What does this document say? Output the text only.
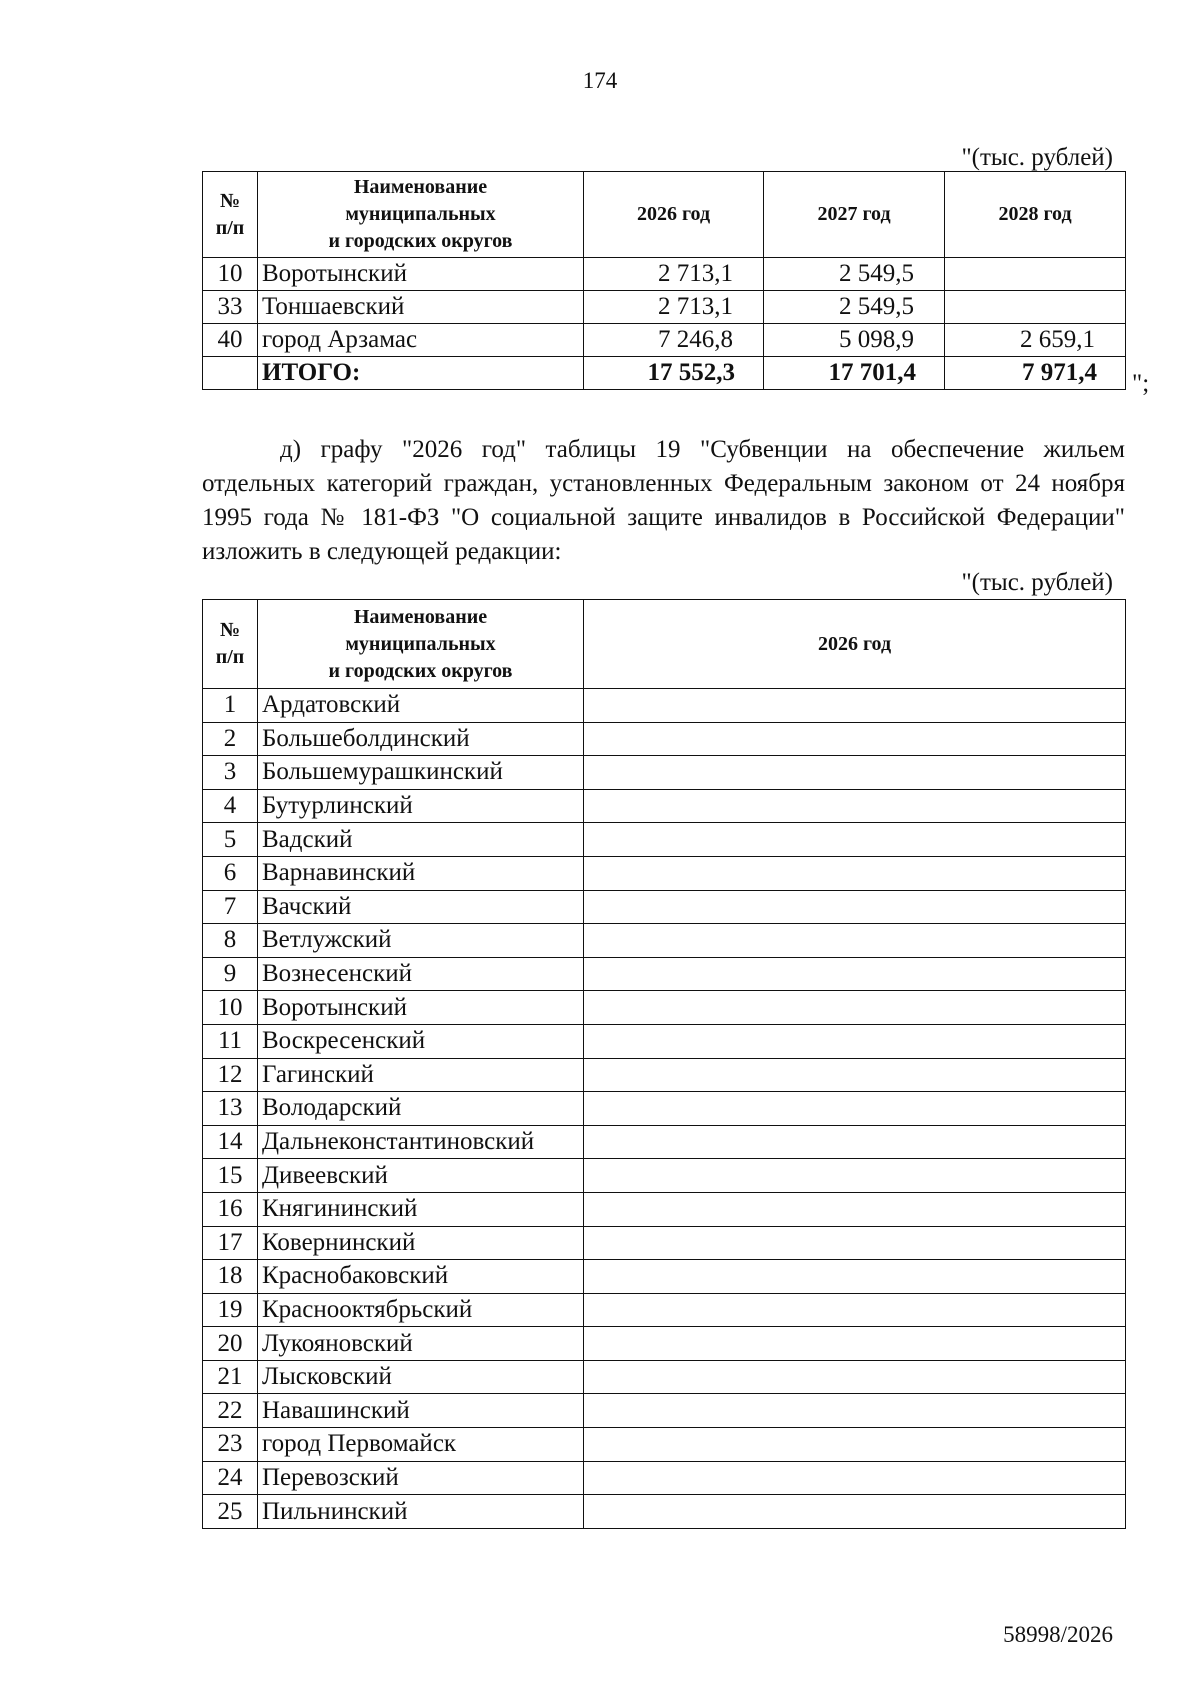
174
"(тыс. рублей)
№
п/п	Наименование
муниципальных
и городских округов	2026 год	2027 год	2028 год
10	Воротынский	2 713,1	2 549,5	
33	Тоншаевский	2 713,1	2 549,5	
40	город Арзамас	7 246,8	5 098,9	2 659,1
	ИТОГО:	17 552,3	17 701,4	7 971,4 ";
д) графу "2026 год" таблицы 19 "Субвенции на обеспечение жильем отдельных категорий граждан, установленных Федеральным законом от 24 ноября 1995 года № 181-ФЗ "О социальной защите инвалидов в Российской Федерации" изложить в следующей редакции:
"(тыс. рублей)
№
п/п	Наименование
муниципальных
и городских округов	2026 год
1	Ардатовский	
2	Большеболдинский	
3	Большемурашкинский	
4	Бутурлинский	
5	Вадский	
6	Варнавинский	
7	Вачский	
8	Ветлужский	
9	Вознесенский	
10	Воротынский	
11	Воскресенский	
12	Гагинский	
13	Володарский	
14	Дальнеконстантиновский	
15	Дивеевский	
16	Княгининский	
17	Ковернинский	
18	Краснобаковский	
19	Краснооктябрьский	
20	Лукояновский	
21	Лысковский	
22	Навашинский	
23	город Первомайск	
24	Перевозский	
25	Пильнинский	
58998/2026
